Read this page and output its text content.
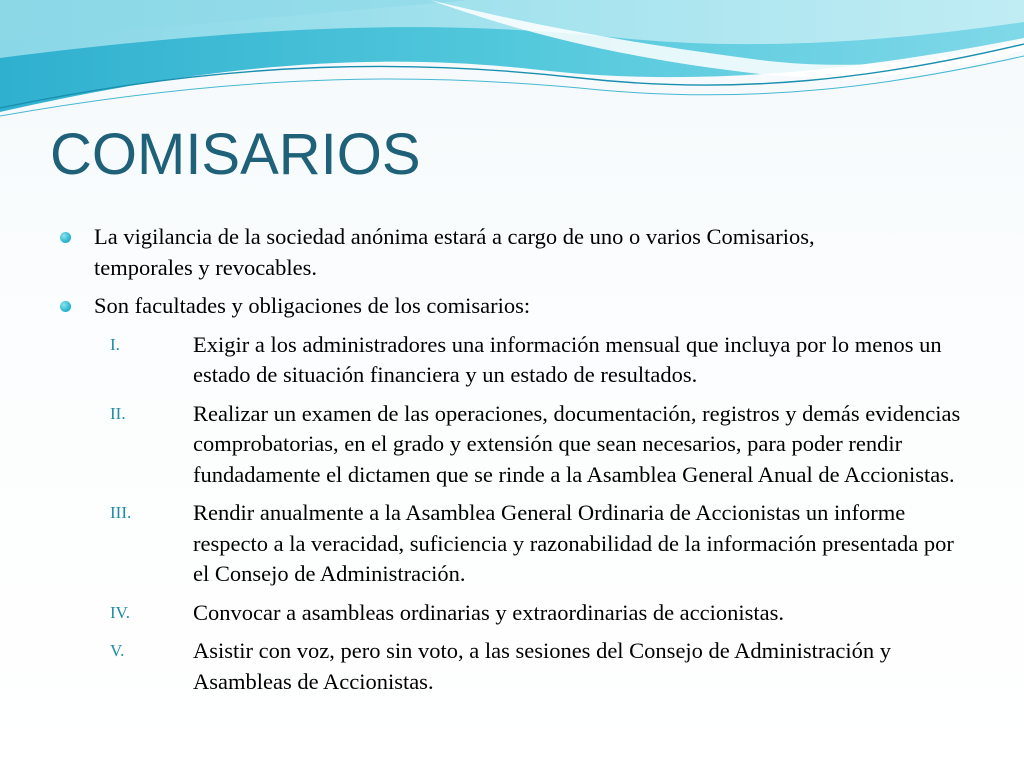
COMISARIOS
La vigilancia de la sociedad anónima estará a cargo de uno o varios Comisarios, temporales y revocables.
Son facultades y obligaciones de los comisarios:
I.	Exigir a los administradores una información mensual que incluya por lo menos un estado de situación financiera y un estado de resultados.
II.	Realizar un examen de las operaciones, documentación, registros y demás evidencias comprobatorias, en el grado y extensión que sean necesarios, para poder rendir fundadamente el dictamen que se rinde a la Asamblea General Anual de Accionistas.
III.	Rendir anualmente a la Asamblea General Ordinaria de Accionistas un informe respecto a la veracidad, suficiencia y razonabilidad de la información presentada por el Consejo de Administración.
IV.	Convocar a asambleas ordinarias y extraordinarias de accionistas.
V.	Asistir con voz, pero sin voto, a las sesiones del Consejo de Administración y Asambleas de Accionistas.
